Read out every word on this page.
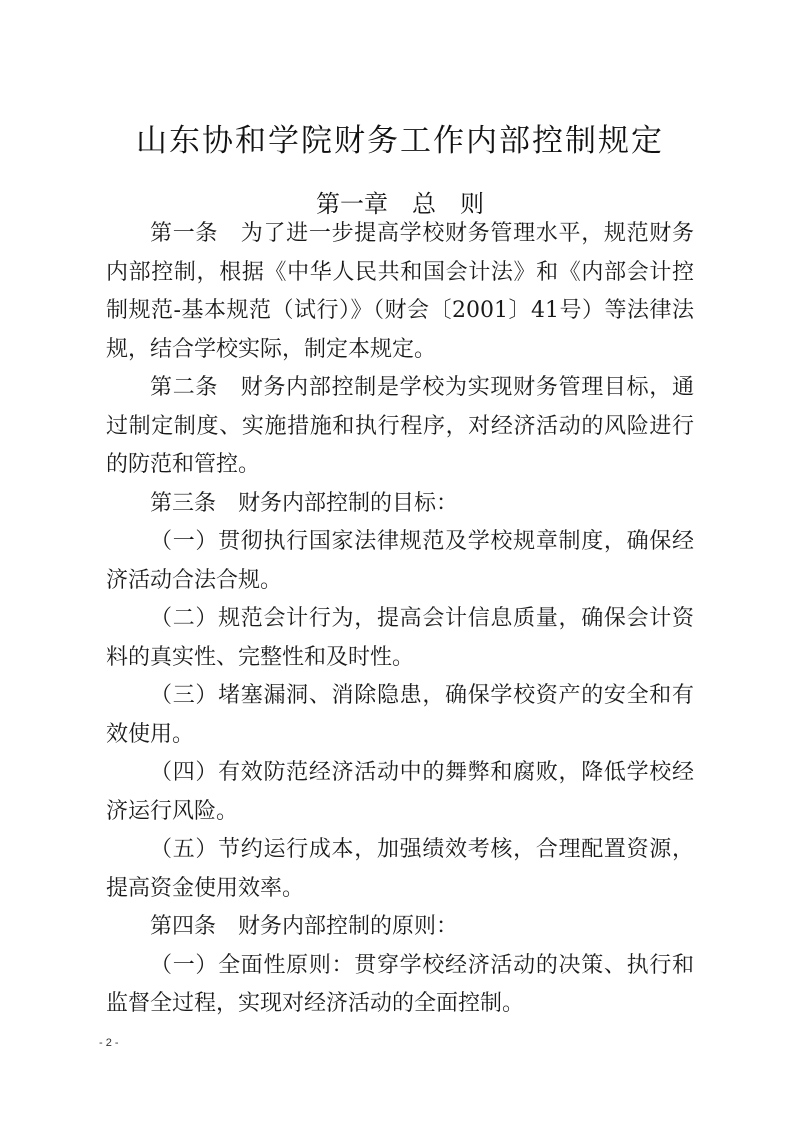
山东协和学院财务工作内部控制规定
第一章　总　则

第一条　为了进一步提高学校财务管理水平，规范财务内部控制，根据《中华人民共和国会计法》和《内部会计控制规范-基本规范（试行）》（财会〔2001〕41号）等法律法规，结合学校实际，制定本规定。

第二条　财务内部控制是学校为实现财务管理目标，通过制定制度、实施措施和执行程序，对经济活动的风险进行的防范和管控。

第三条　财务内部控制的目标：

（一）贯彻执行国家法律规范及学校规章制度，确保经济活动合法合规。

（二）规范会计行为，提高会计信息质量，确保会计资料的真实性、完整性和及时性。

（三）堵塞漏洞、消除隐患，确保学校资产的安全和有效使用。

（四）有效防范经济活动中的舞弊和腐败，降低学校经济运行风险。

（五）节约运行成本，加强绩效考核，合理配置资源，提高资金使用效率。

第四条　财务内部控制的原则：

（一）全面性原则：贯穿学校经济活动的决策、执行和监督全过程，实现对经济活动的全面控制。

- 2 -
